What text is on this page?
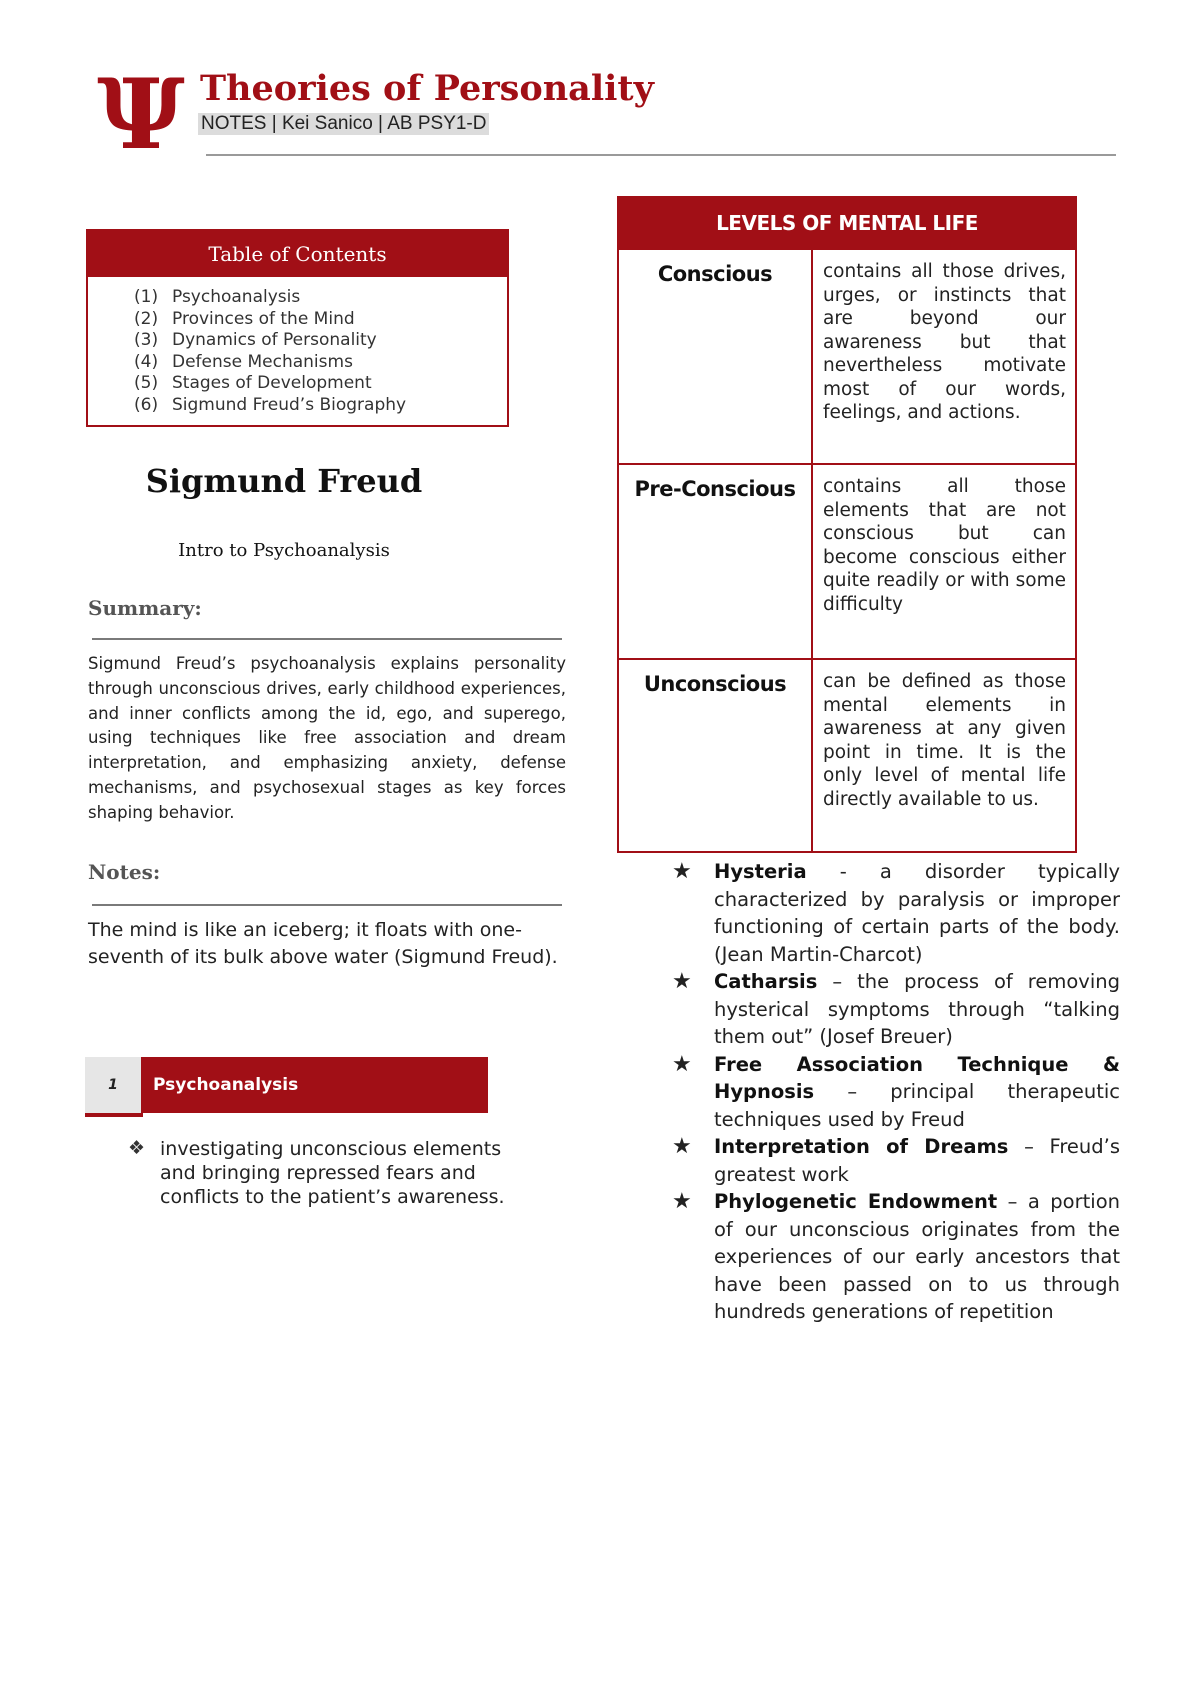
Ψ Theories of Personality
NOTES | Kei Sanico | AB PSY1-D
Table of Contents
(1) Psychoanalysis
(2) Provinces of the Mind
(3) Dynamics of Personality
(4) Defense Mechanisms
(5) Stages of Development
(6) Sigmund Freud’s Biography
Sigmund Freud
Intro to Psychoanalysis
Summary:
Sigmund Freud’s psychoanalysis explains personality through unconscious drives, early childhood experiences, and inner conflicts among the id, ego, and superego, using techniques like free association and dream interpretation, and emphasizing anxiety, defense mechanisms, and psychosexual stages as key forces shaping behavior.
Notes:
The mind is like an iceberg; it floats with one-seventh of its bulk above water (Sigmund Freud).
1	Psychoanalysis
❖ investigating unconscious elements and bringing repressed fears and conflicts to the patient’s awareness.
LEVELS OF MENTAL LIFE	
Conscious	contains all those drives, urges, or instincts that are beyond our awareness but that nevertheless motivate most of our words, feelings, and actions.
Pre-Conscious	contains all those elements that are not conscious but can become conscious either quite readily or with some difficulty
Unconscious	can be defined as those mental elements in awareness at any given point in time. It is the only level of mental life directly available to us.
★ Hysteria - a disorder typically characterized by paralysis or improper functioning of certain parts of the body. (Jean Martin-Charcot)
★ Catharsis – the process of removing hysterical symptoms through “talking them out” (Josef Breuer)
★ Free Association Technique & Hypnosis – principal therapeutic techniques used by Freud
★ Interpretation of Dreams – Freud’s greatest work
★ Phylogenetic Endowment – a portion of our unconscious originates from the experiences of our early ancestors that have been passed on to us through hundreds generations of repetition
